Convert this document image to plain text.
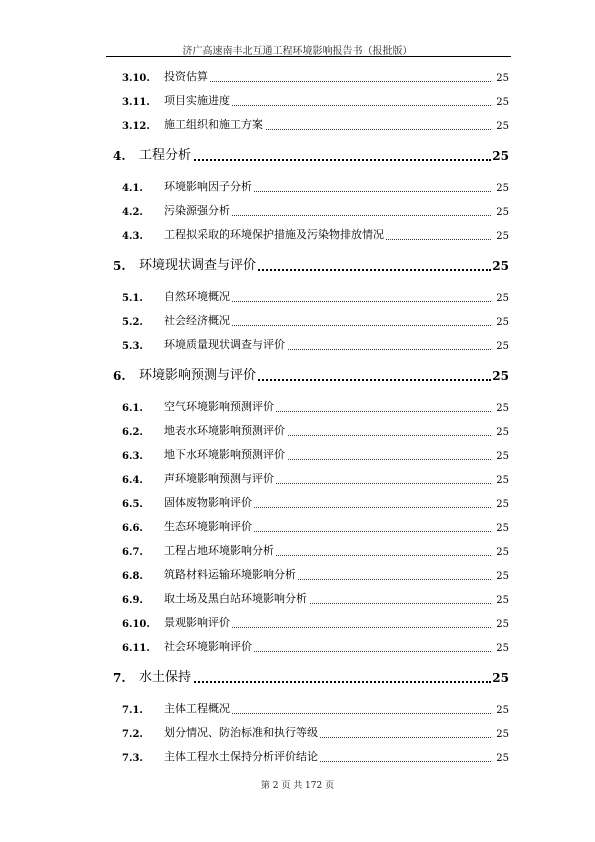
济广高速南丰北互通工程环境影响报告书（报批版）
3.10. 投资估算	25
3.11. 项目实施进度	25
3.12. 施工组织和施工方案	25
4. 工程分析	25
4.1. 环境影响因子分析	25
4.2. 污染源强分析	25
4.3. 工程拟采取的环境保护措施及污染物排放情况	25
5. 环境现状调查与评价	25
5.1. 自然环境概况	25
5.2. 社会经济概况	25
5.3. 环境质量现状调查与评价	25
6. 环境影响预测与评价	25
6.1. 空气环境影响预测评价	25
6.2. 地表水环境影响预测评价	25
6.3. 地下水环境影响预测评价	25
6.4. 声环境影响预测与评价	25
6.5. 固体废物影响评价	25
6.6. 生态环境影响评价	25
6.7. 工程占地环境影响分析	25
6.8. 筑路材料运输环境影响分析	25
6.9. 取土场及黑白站环境影响分析	25
6.10. 景观影响评价	25
6.11. 社会环境影响评价	25
7. 水土保持	25
7.1. 主体工程概况	25
7.2. 划分情况、防治标准和执行等级	25
7.3. 主体工程水土保持分析评价结论	25
第 2 页 共 172 页
